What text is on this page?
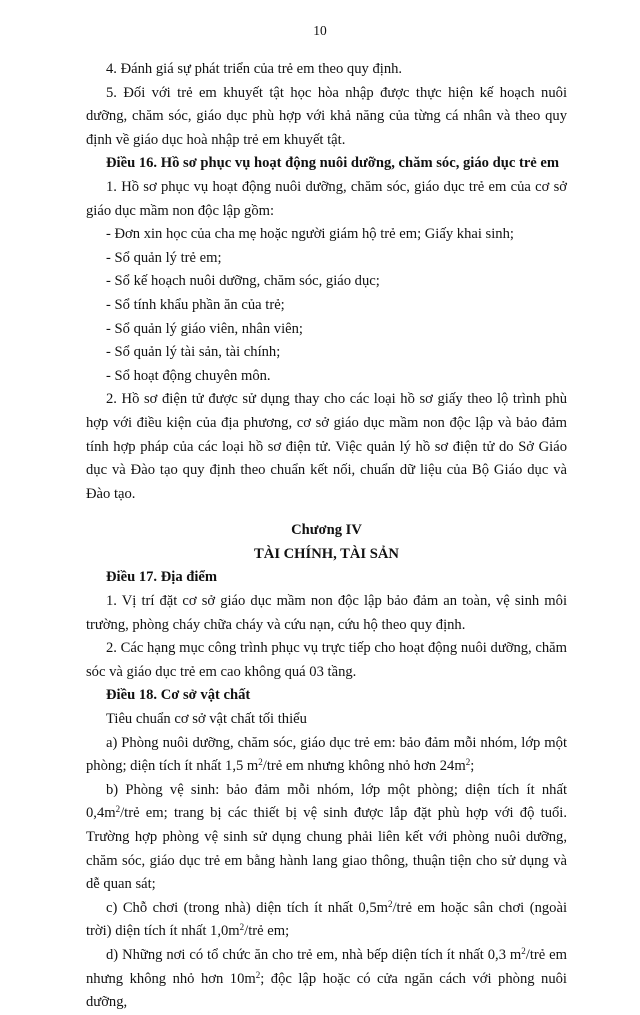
10

4. Đánh giá sự phát triển của trẻ em theo quy định.

5. Đối với trẻ em khuyết tật học hòa nhập được thực hiện kế hoạch nuôi dưỡng, chăm sóc, giáo dục phù hợp với khả năng của từng cá nhân và theo quy định về giáo dục hoà nhập trẻ em khuyết tật.

Điều 16. Hồ sơ phục vụ hoạt động nuôi dưỡng, chăm sóc, giáo dục trẻ em

1. Hồ sơ phục vụ hoạt động nuôi dưỡng, chăm sóc, giáo dục trẻ em của cơ sở giáo dục mầm non độc lập gồm:

- Đơn xin học của cha mẹ hoặc người giám hộ trẻ em; Giấy khai sinh;

- Sổ quản lý trẻ em;

- Sổ kế hoạch nuôi dưỡng, chăm sóc, giáo dục;

- Sổ tính khẩu phần ăn của trẻ;

- Sổ quản lý giáo viên, nhân viên;

- Sổ quản lý tài sản, tài chính;

- Sổ hoạt động chuyên môn.

2. Hồ sơ điện tử được sử dụng thay cho các loại hồ sơ giấy theo lộ trình phù hợp với điều kiện của địa phương, cơ sở giáo dục mầm non độc lập và bảo đảm tính hợp pháp của các loại hồ sơ điện tử. Việc quản lý hồ sơ điện tử do Sở Giáo dục và Đào tạo quy định theo chuẩn kết nối, chuẩn dữ liệu của Bộ Giáo dục và Đào tạo.

Chương IV

TÀI CHÍNH, TÀI SẢN

Điều 17. Địa điểm

1. Vị trí đặt cơ sở giáo dục mầm non độc lập bảo đảm an toàn, vệ sinh môi trường, phòng cháy chữa cháy và cứu nạn, cứu hộ theo quy định.

2. Các hạng mục công trình phục vụ trực tiếp cho hoạt động nuôi dưỡng, chăm sóc và giáo dục trẻ em cao không quá 03 tầng.

Điều 18. Cơ sở vật chất

Tiêu chuẩn cơ sở vật chất tối thiểu

a) Phòng nuôi dưỡng, chăm sóc, giáo dục trẻ em: bảo đảm mỗi nhóm, lớp một phòng; diện tích ít nhất 1,5 $m^2$/trẻ em nhưng không nhỏ hơn $24m^2$;

b) Phòng vệ sinh: bảo đảm mỗi nhóm, lớp một phòng; diện tích ít nhất $0,4m^2$/trẻ em; trang bị các thiết bị vệ sinh được lắp đặt phù hợp với độ tuổi. Trường hợp phòng vệ sinh sử dụng chung phải liên kết với phòng nuôi dưỡng, chăm sóc, giáo dục trẻ em bằng hành lang giao thông, thuận tiện cho sử dụng và dễ quan sát;

c) Chỗ chơi (trong nhà) diện tích ít nhất $0,5m^2$/trẻ em hoặc sân chơi (ngoài trời) diện tích ít nhất $1,0m^2$/trẻ em;

d) Những nơi có tổ chức ăn cho trẻ em, nhà bếp diện tích ít nhất 0,3 $m^2$/trẻ em nhưng không nhỏ hơn $10m^2$; độc lập hoặc có cửa ngăn cách với phòng nuôi dưỡng,
